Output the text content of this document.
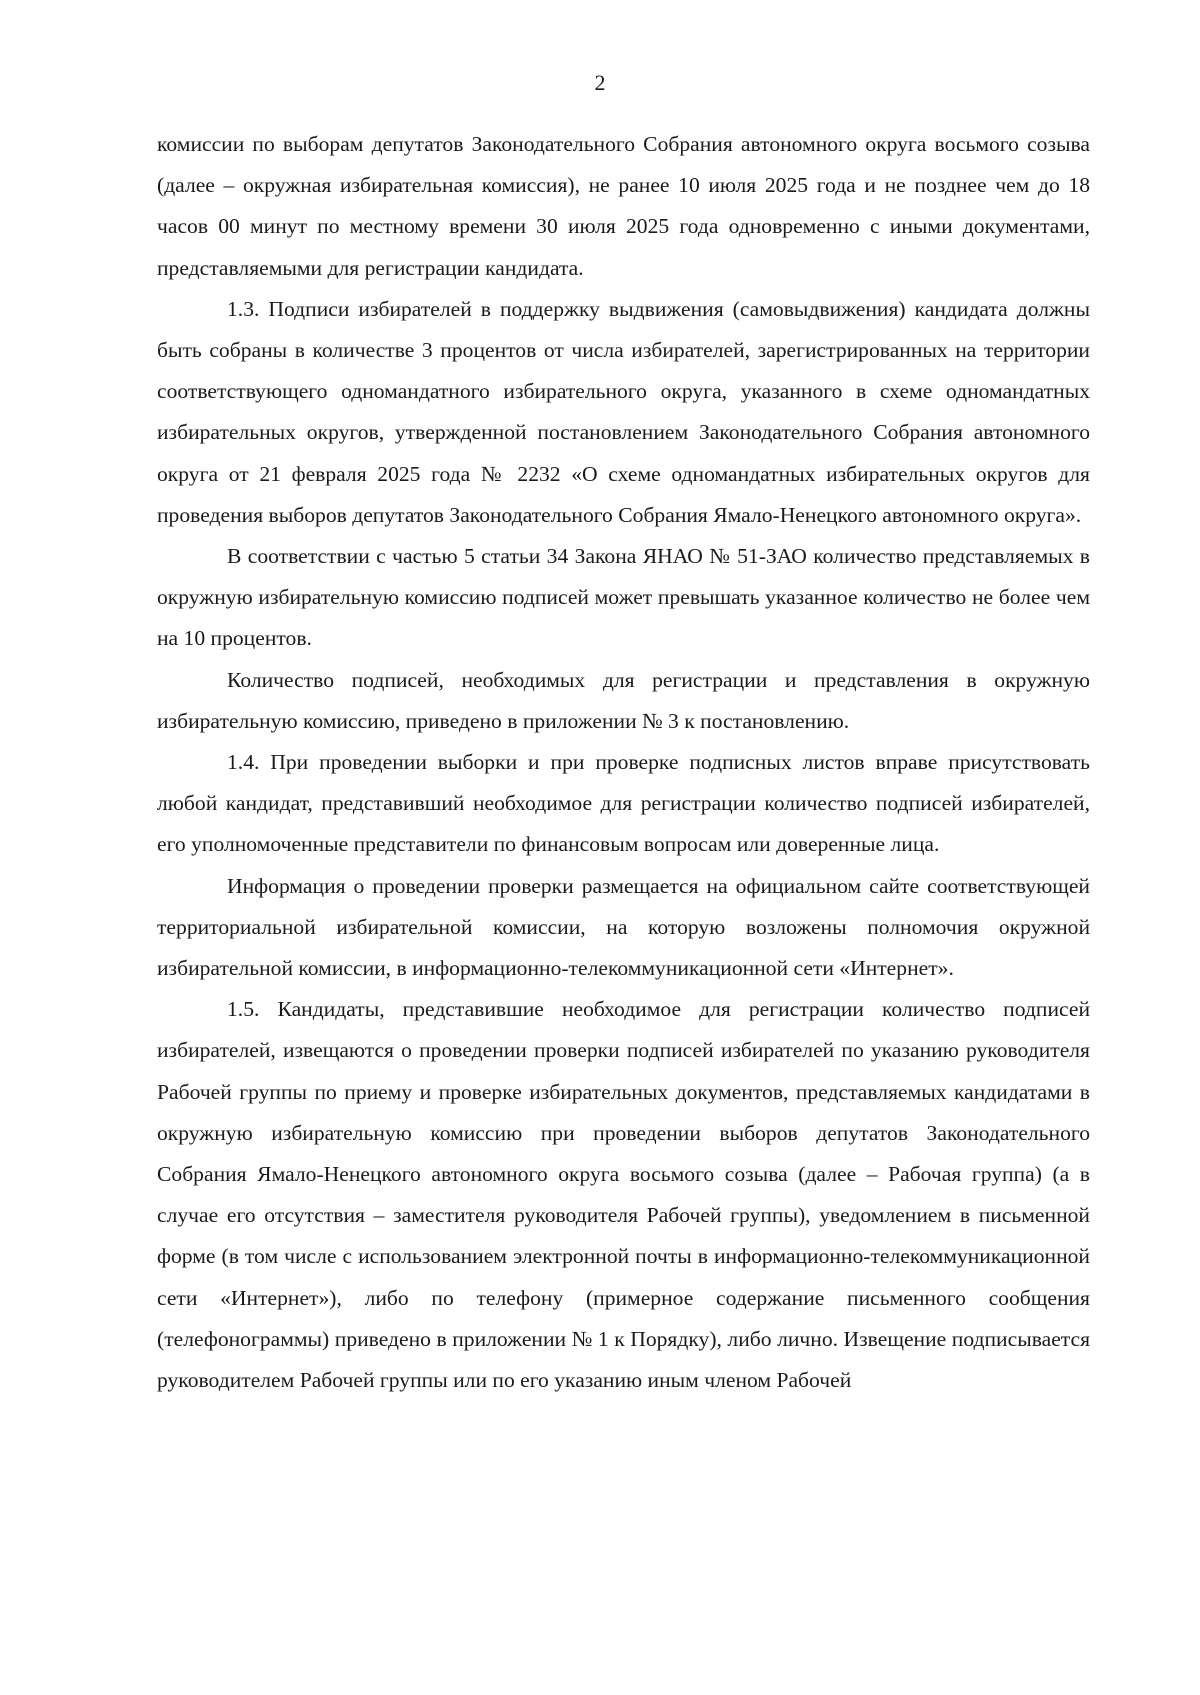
2

комиссии по выборам депутатов Законодательного Собрания автономного округа восьмого созыва (далее – окружная избирательная комиссия), не ранее 10 июля 2025 года и не позднее чем до 18 часов 00 минут по местному времени 30 июля 2025 года одновременно с иными документами, представляемыми для регистрации кандидата.

1.3. Подписи избирателей в поддержку выдвижения (самовыдвижения) кандидата должны быть собраны в количестве 3 процентов от числа избирателей, зарегистрированных на территории соответствующего одномандатного избирательного округа, указанного в схеме одномандатных избирательных округов, утвержденной постановлением Законодательного Собрания автономного округа от 21 февраля 2025 года № 2232 «О схеме одномандатных избирательных округов для проведения выборов депутатов Законодательного Собрания Ямало-Ненецкого автономного округа».

В соответствии с частью 5 статьи 34 Закона ЯНАО № 51-ЗАО количество представляемых в окружную избирательную комиссию подписей может превышать указанное количество не более чем на 10 процентов.

Количество подписей, необходимых для регистрации и представления в окружную избирательную комиссию, приведено в приложении № 3 к постановлению.

1.4. При проведении выборки и при проверке подписных листов вправе присутствовать любой кандидат, представивший необходимое для регистрации количество подписей избирателей, его уполномоченные представители по финансовым вопросам или доверенные лица.

Информация о проведении проверки размещается на официальном сайте соответствующей территориальной избирательной комиссии, на которую возложены полномочия окружной избирательной комиссии, в информационно-телекоммуникационной сети «Интернет».

1.5. Кандидаты, представившие необходимое для регистрации количество подписей избирателей, извещаются о проведении проверки подписей избирателей по указанию руководителя Рабочей группы по приему и проверке избирательных документов, представляемых кандидатами в окружную избирательную комиссию при проведении выборов депутатов Законодательного Собрания Ямало-Ненецкого автономного округа восьмого созыва (далее – Рабочая группа) (а в случае его отсутствия – заместителя руководителя Рабочей группы), уведомлением в письменной форме (в том числе с использованием электронной почты в информационно-телекоммуникационной сети «Интернет»), либо по телефону (примерное содержание письменного сообщения (телефонограммы) приведено в приложении № 1 к Порядку), либо лично. Извещение подписывается руководителем Рабочей группы или по его указанию иным членом Рабочей
